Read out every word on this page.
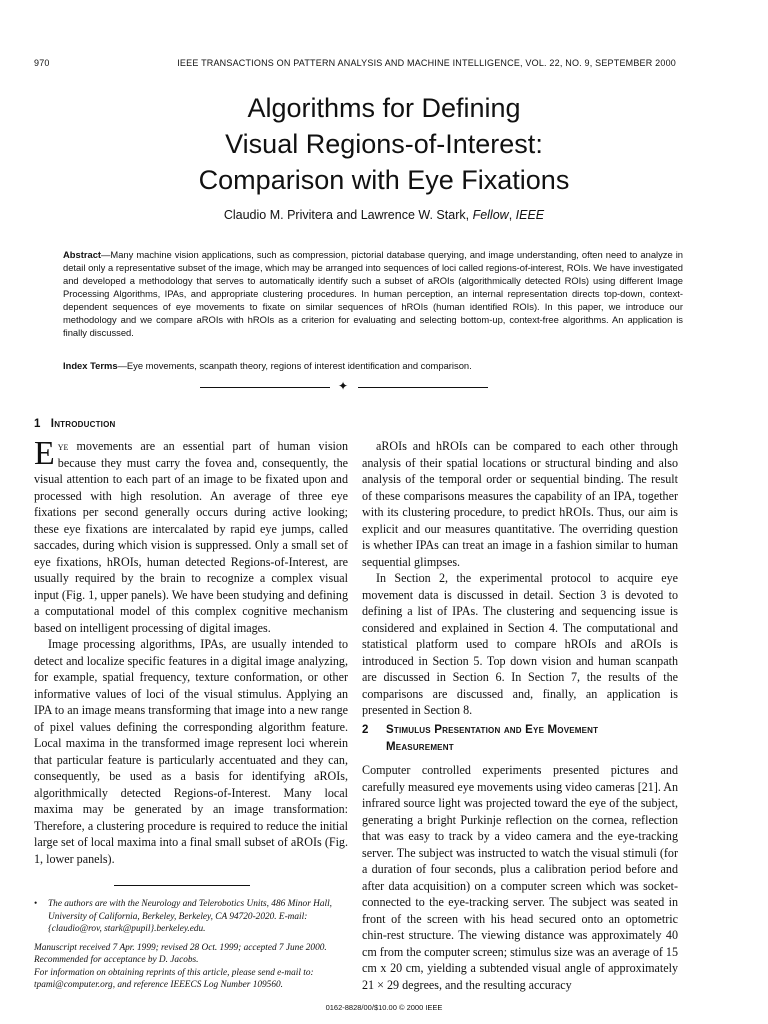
970	IEEE TRANSACTIONS ON PATTERN ANALYSIS AND MACHINE INTELLIGENCE, VOL. 22, NO. 9, SEPTEMBER 2000
Algorithms for Defining
Visual Regions-of-Interest:
Comparison with Eye Fixations
Claudio M. Privitera and Lawrence W. Stark, Fellow, IEEE
Abstract—Many machine vision applications, such as compression, pictorial database querying, and image understanding, often need to analyze in detail only a representative subset of the image, which may be arranged into sequences of loci called regions-of-interest, ROIs. We have investigated and developed a methodology that serves to automatically identify such a subset of aROIs (algorithmically detected ROIs) using different Image Processing Algorithms, IPAs, and appropriate clustering procedures. In human perception, an internal representation directs top-down, context-dependent sequences of eye movements to fixate on similar sequences of hROIs (human identified ROIs). In this paper, we introduce our methodology and we compare aROIs with hROIs as a criterion for evaluating and selecting bottom-up, context-free algorithms. An application is finally discussed.
Index Terms—Eye movements, scanpath theory, regions of interest identification and comparison.
✦
1 Introduction

Eye movements are an essential part of human vision because they must carry the fovea and, consequently, the visual attention to each part of an image to be fixated upon and processed with high resolution. An average of three eye fixations per second generally occurs during active looking; these eye fixations are intercalated by rapid eye jumps, called saccades, during which vision is suppressed. Only a small set of eye fixations, hROIs, human detected Regions-of-Interest, are usually required by the brain to recognize a complex visual input (Fig. 1, upper panels). We have been studying and defining a computational model of this complex cognitive mechanism based on intelligent processing of digital images.

Image processing algorithms, IPAs, are usually intended to detect and localize specific features in a digital image analyzing, for example, spatial frequency, texture conformation, or other informative values of loci of the visual stimulus. Applying an IPA to an image means transforming that image into a new range of pixel values defining the corresponding algorithm feature. Local maxima in the transformed image represent loci wherein that particular feature is particularly accentuated and they can, consequently, be used as a basis for identifying aROIs, algorithmically detected Regions-of-Interest. Many local maxima may be generated by an image transformation: Therefore, a clustering procedure is required to reduce the initial large set of local maxima into a final small subset of aROIs (Fig. 1, lower panels).

aROIs and hROIs can be compared to each other through analysis of their spatial locations or structural binding and also analysis of the temporal order or sequential binding. The result of these comparisons measures the capability of an IPA, together with its clustering procedure, to predict hROIs. Thus, our aim is explicit and our measures quantitative. The overriding question is whether IPAs can treat an image in a fashion similar to human sequential glimpses.

In Section 2, the experimental protocol to acquire eye movement data is discussed in detail. Section 3 is devoted to defining a list of IPAs. The clustering and sequencing issue is considered and explained in Section 4. The computational and statistical platform used to compare hROIs and aROIs is introduced in Section 5. Top down vision and human scanpath are discussed in Section 6. In Section 7, the results of the comparisons are discussed and, finally, an application is presented in Section 8.

2 Stimulus Presentation and Eye Movement
Measurement

Computer controlled experiments presented pictures and carefully measured eye movements using video cameras [21]. An infrared source light was projected toward the eye of the subject, generating a bright Purkinje reflection on the cornea, reflection that was easy to track by a video camera and the eye-tracking server. The subject was instructed to watch the visual stimuli (for a duration of four seconds, plus a calibration period before and after data acquisition) on a computer screen which was socket-connected to the eye-tracking server. The subject was seated in front of the screen with his head secured onto an optometric chin-rest structure. The viewing distance was approximately 40 cm from the computer screen; stimulus size was an average of 15 cm x 20 cm, yielding a subtended visual angle of approximately 21 × 29 degrees, and the resulting accuracy

• The authors are with the Neurology and Telerobotics Units, 486 Minor Hall, University of California, Berkeley, Berkeley, CA 94720-2020. E-mail: {claudio@rov, stark@pupil}.berkeley.edu.

Manuscript received 7 Apr. 1999; revised 28 Oct. 1999; accepted 7 June 2000. Recommended for acceptance by D. Jacobs.

For information on obtaining reprints of this article, please send e-mail to: tpami@computer.org, and reference IEEECS Log Number 109560.

0162-8828/00/$10.00 © 2000 IEEE
